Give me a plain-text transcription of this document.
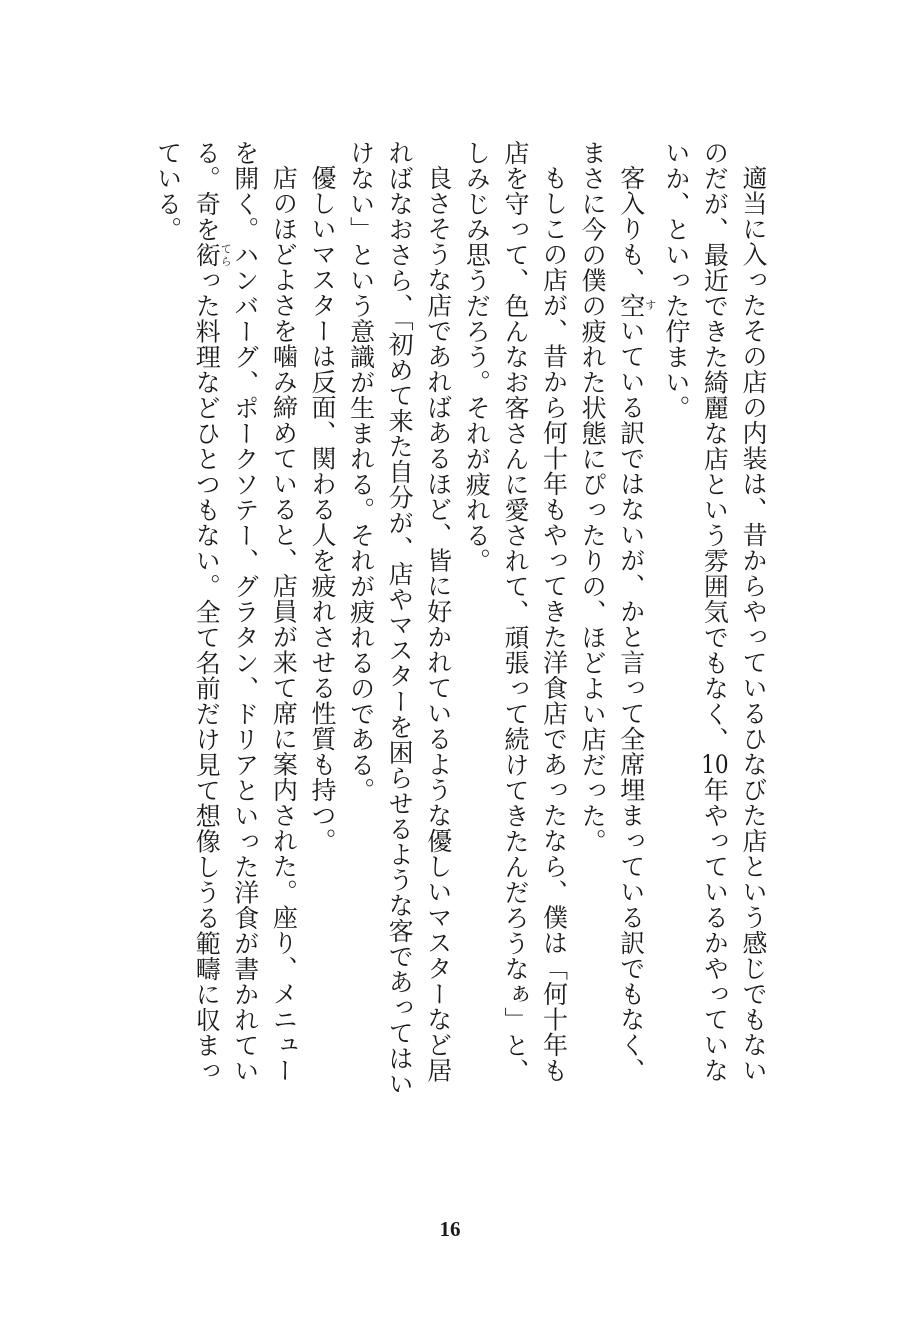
適当に入ったその店の内装は、昔からやっているひなびた店という感じでもないのだが、最近できた綺麗な店という雰囲気でもなく、10年やっているかやっていないか、といった佇まい。

客入りも、空すいている訳ではないが、かと言って全席埋まっている訳でもなく、まさに今の僕の疲れた状態にぴったりの、ほどよい店だった。

もしこの店が、昔から何十年もやってきた洋食店であったなら、僕は「何十年も店を守って、色んなお客さんに愛されて、頑張って続けてきたんだろうなぁ」と、しみじみ思うだろう。それが疲れる。

良さそうな店であればあるほど、皆に好かれているような優しいマスターなど居ればなおさら、「初めて来た自分が、店やマスターを困らせるような客であってはいけない」という意識が生まれる。それが疲れるのである。

優しいマスターは反面、関わる人を疲れさせる性質も持つ。

店のほどよさを噛み締めていると、店員が来て席に案内された。座り、メニューを開く。ハンバーグ、ポークソテー、グラタン、ドリアといった洋食が書かれている。奇を衒てらった料理などひとつもない。全て名前だけ見て想像しうる範疇に収まっている。

16
